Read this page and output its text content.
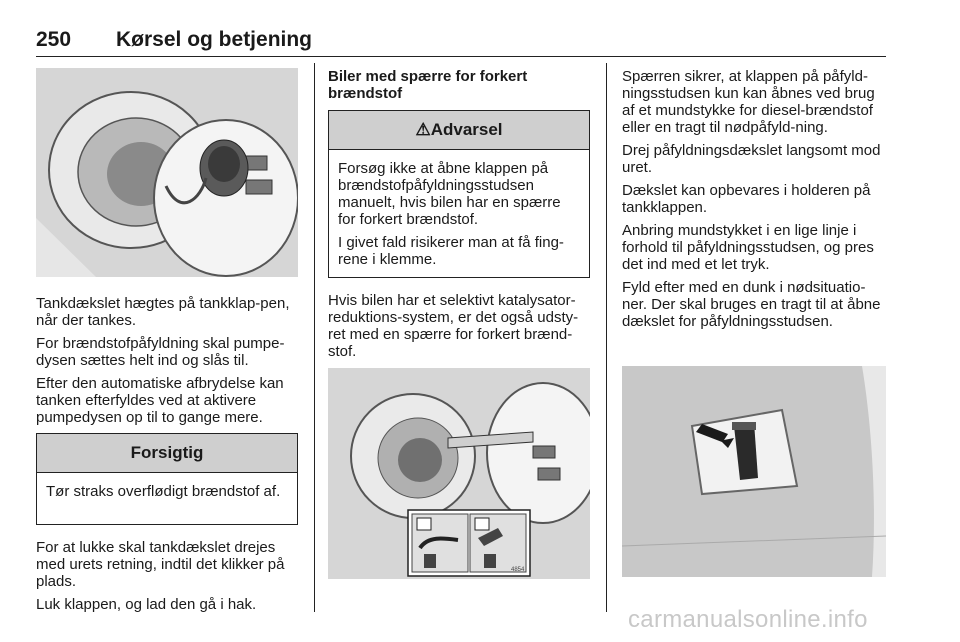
250 Kørsel og betjening

Tankdækslet hægtes på tankklap-pen, når der tankes.

For brændstofpåfyldning skal pumpe-dysen sættes helt ind og slås til.

Efter den automatiske afbrydelse kan tanken efterfyldes ved at aktivere pumpedysen op til to gange mere.

Forsigtig
Tør straks overflødigt brændstof af.

For at lukke skal tankdækslet drejes med urets retning, indtil det klikker på plads.

Luk klappen, og lad den gå i hak.

Biler med spærre for forkert brændstof

⚠Advarsel

Forsøg ikke at åbne klappen på brændstofpåfyldningsstudsen manuelt, hvis bilen har en spærre for forkert brændstof.

I givet fald risikerer man at få fing-rene i klemme.

Hvis bilen har et selektivt katalysator-reduktions-system, er det også udsty-ret med en spærre for forkert brænd-stof.

4854

Spærren sikrer, at klappen på påfyld-ningsstudsen kun kan åbnes ved brug af et mundstykke for diesel-brændstof eller en tragt til nødpåfyld-ning.

Drej påfyldningsdækslet langsomt mod uret.

Dækslet kan opbevares i holderen på tankklappen.

Anbring mundstykket i en lige linje i forhold til påfyldningsstudsen, og pres det ind med et let tryk.

Fyld efter med en dunk i nødsituatio-ner. Der skal bruges en tragt til at åbne dækslet for påfyldningsstudsen.

carmanualsonline.info
